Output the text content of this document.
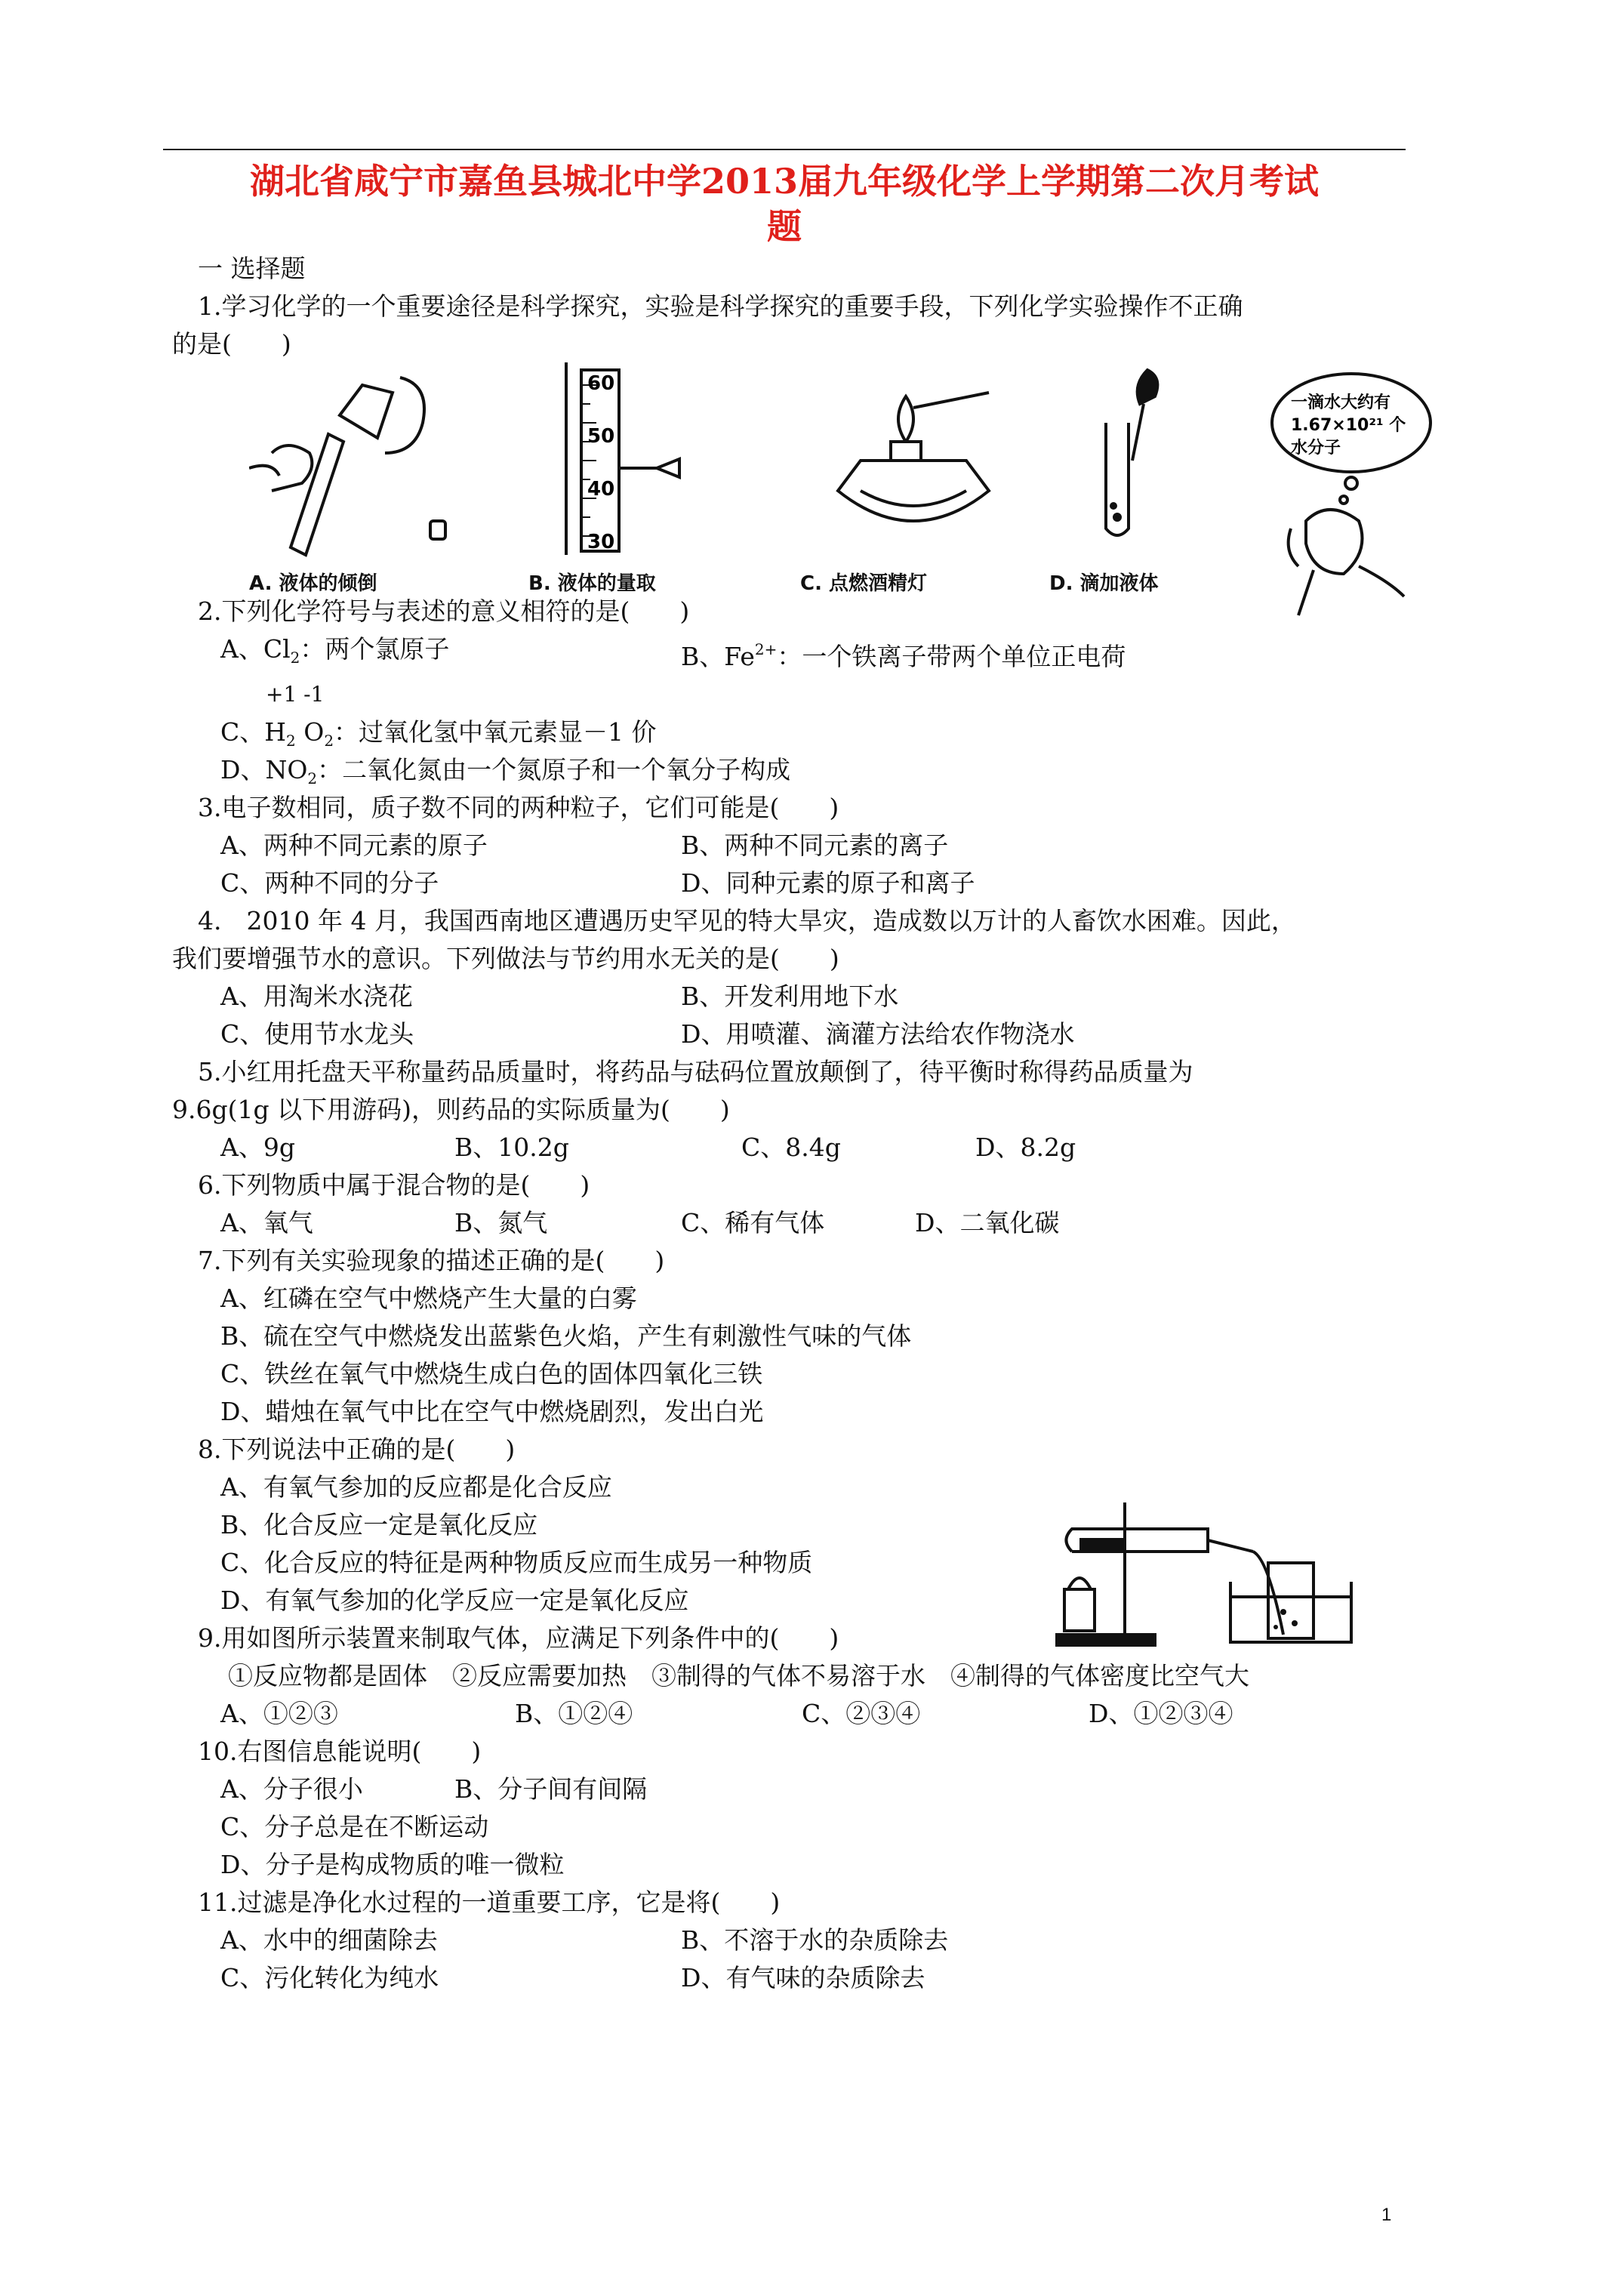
湖北省咸宁市嘉鱼县城北中学2013届九年级化学上学期第二次月考试
题
一 选择题
1.学习化学的一个重要途径是科学探究，实验是科学探究的重要手段，下列化学实验操作不正确
的是(　　)
A. 液体的倾倒
60
50
40
30
B. 液体的量取	C. 点燃酒精灯	D. 滴加液体
一滴水大约有
1.67×10²¹ 个
水分子
2.下列化学符号与表述的意义相符的是(　　)
A、$Cl_2$：两个氯原子	B、$Fe^{2+}$：一个铁离子带两个单位正电荷
+1 -1
C、$H_2$ $O_2$：过氧化氢中氧元素显－1 价
D、$NO_2$：二氧化氮由一个氮原子和一个氧分子构成
3.电子数相同，质子数不同的两种粒子，它们可能是(　　)
A、两种不同元素的原子	B、两种不同元素的离子
C、两种不同的分子	D、同种元素的原子和离子
4.　2010 年 4 月，我国西南地区遭遇历史罕见的特大旱灾，造成数以万计的人畜饮水困难。因此，
我们要增强节水的意识。下列做法与节约用水无关的是(　　)
A、用淘米水浇花	B、开发利用地下水
C、使用节水龙头	D、用喷灌、滴灌方法给农作物浇水
5.小红用托盘天平称量药品质量时，将药品与砝码位置放颠倒了，待平衡时称得药品质量为
9.6g(1g 以下用游码)，则药品的实际质量为(　　)
A、9g	B、10.2g	C、8.4g	D、8.2g
6.下列物质中属于混合物的是(　　)
A、氧气	B、氮气	C、稀有气体	D、二氧化碳
7.下列有关实验现象的描述正确的是(　　)
A、红磷在空气中燃烧产生大量的白雾
B、硫在空气中燃烧发出蓝紫色火焰，产生有刺激性气味的气体
C、铁丝在氧气中燃烧生成白色的固体四氧化三铁
D、蜡烛在氧气中比在空气中燃烧剧烈，发出白光
8.下列说法中正确的是(　　)
A、有氧气参加的反应都是化合反应
B、化合反应一定是氧化反应
C、化合反应的特征是两种物质反应而生成另一种物质
D、有氧气参加的化学反应一定是氧化反应
9.用如图所示装置来制取气体，应满足下列条件中的(　　)
①反应物都是固体　②反应需要加热　③制得的气体不易溶于水　④制得的气体密度比空气大
A、①②③	B、①②④	C、②③④	D、①②③④
10.右图信息能说明(　　)
A、分子很小	B、分子间有间隔
C、分子总是在不断运动
D、分子是构成物质的唯一微粒
11.过滤是净化水过程的一道重要工序，它是将(　　)
A、水中的细菌除去	B、不溶于水的杂质除去
C、污化转化为纯水	D、有气味的杂质除去
1
